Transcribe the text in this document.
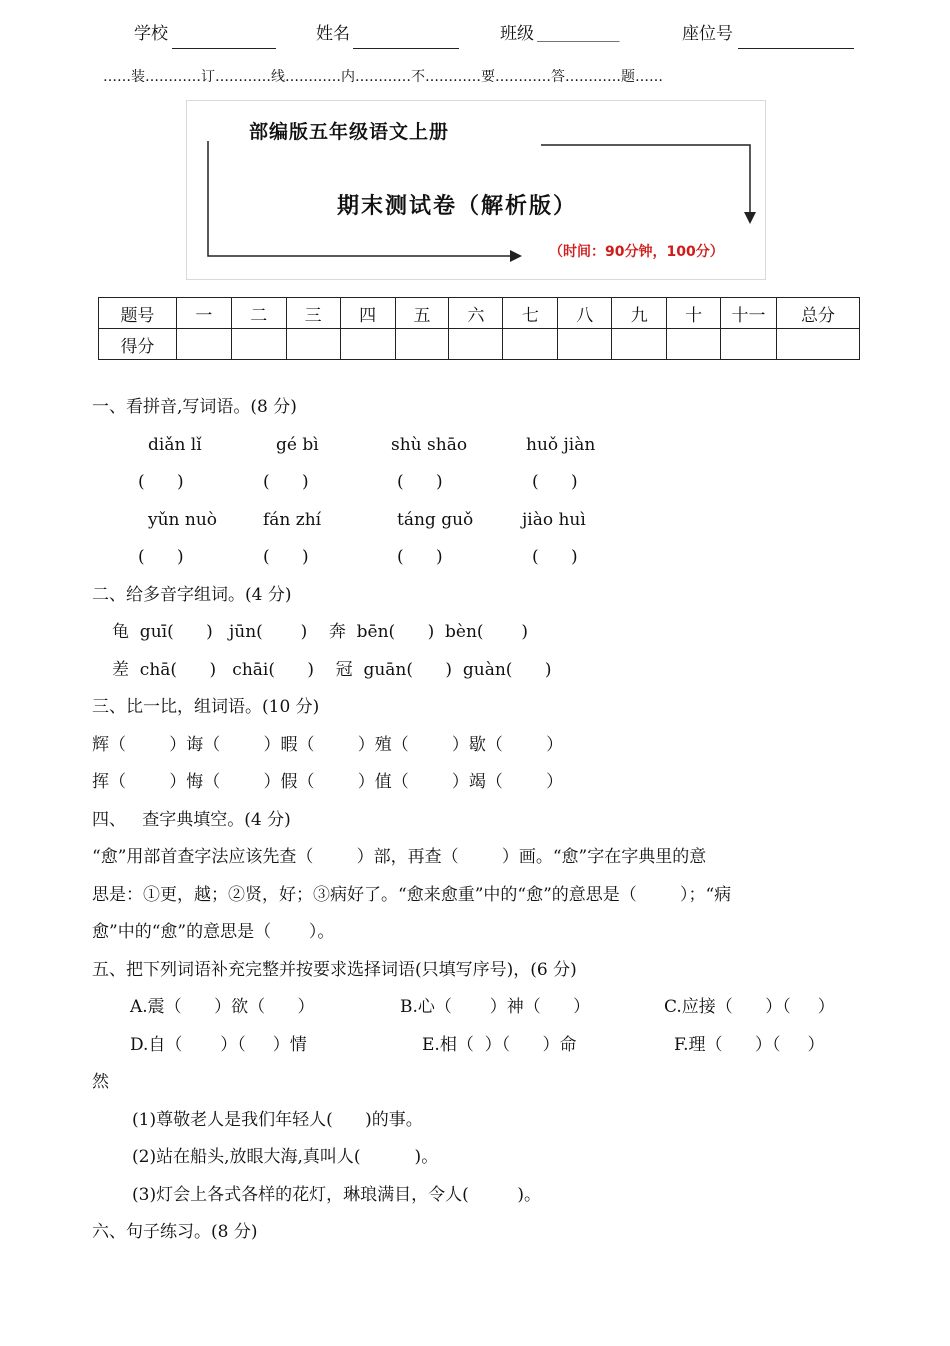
学校	姓名	班级 ___________	座位号
……装…………订…………线…………内…………不…………要…………答…………题……
部编版五年级语文上册
期末测试卷（解析版）
（时间：90分钟，100分）
题号	一	二	三	四	五	六	七	八	九	十	十一	总分
得分												
一、看拼音,写词语。(8 分)
diǎn lǐ	gé bì	shù shāo	huǒ jiàn
(      )	(      )	(      )	(      )
yǔn nuò	fán zhí	táng guǒ	jiào huì
(      )	(      )	(      )	(      )
二、给多音字组词。(4 分)
龟  guī(      )   jūn(       )    奔  bēn(      )  bèn(       )
差  chā(      )   chāi(      )    冠  guān(      )  guàn(      )
三、比一比，组词语。(10 分)
辉（        ）诲（        ）暇（        ）殖（        ）歇（        ）
挥（        ）悔（        ）假（        ）值（        ）竭（        ）
四、   查字典填空。(4 分)
“愈”用部首查字法应该先查（        ）部，再查（        ）画。“愈”字在字典里的意
思是：①更，越；②贤，好；③病好了。“愈来愈重”中的“愈”的意思是（        ）；“病
愈”中的“愈”的意思是（       ）。
五、把下列词语补充完整并按要求选择词语(只填写序号)，(6 分)
A.震（      ）欲（      ）	B.心（       ）神（      ）	C.应接（      ）（     ）
D.自（       ）（     ）情	E.相（  ）（      ）命	F.理（      ）（     ）
然
(1)尊敬老人是我们年轻人(      )的事。
(2)站在船头,放眼大海,真叫人(          )。
(3)灯会上各式各样的花灯，琳琅满目，令人(         )。
六、句子练习。(8 分)
